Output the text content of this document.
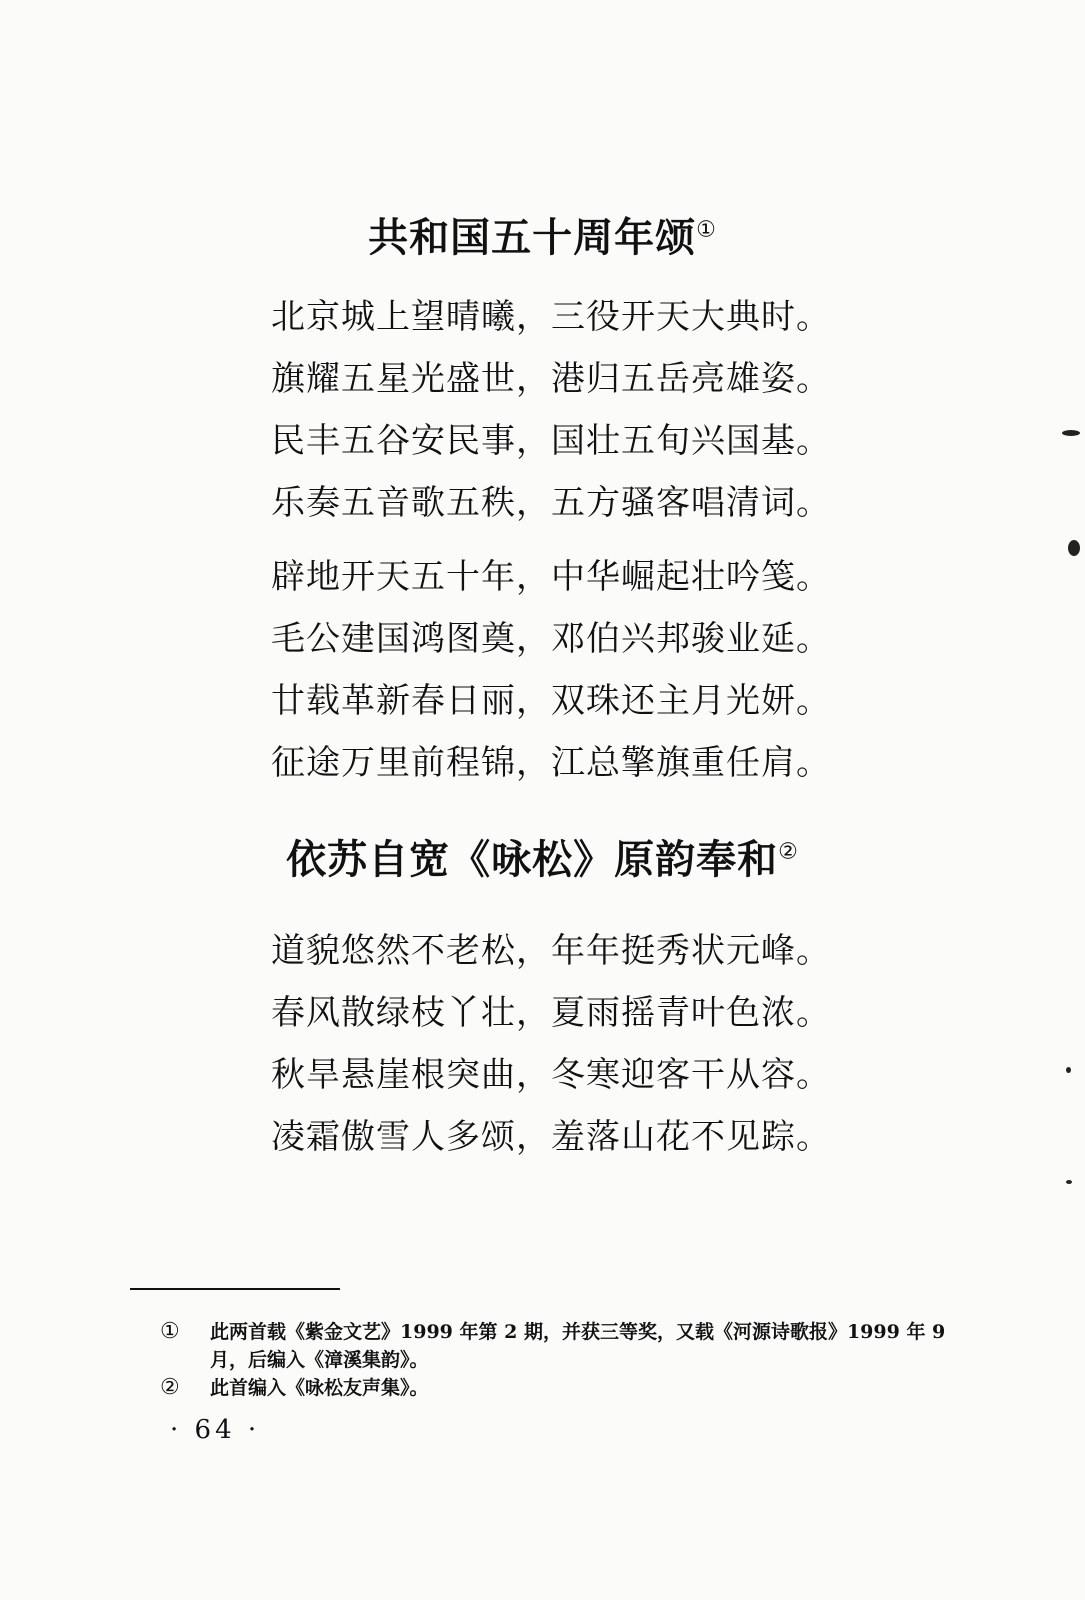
共和国五十周年颂①
北京城上望晴曦，三役开天大典时。
旗耀五星光盛世，港归五岳亮雄姿。
民丰五谷安民事，国壮五旬兴国基。
乐奏五音歌五秩，五方骚客唱清词。
辟地开天五十年，中华崛起壮吟笺。
毛公建国鸿图奠，邓伯兴邦骏业延。
廿载革新春日丽，双珠还主月光妍。
征途万里前程锦，江总擎旗重任肩。
依苏自宽《咏松》原韵奉和②
道貌悠然不老松，年年挺秀状元峰。
春风散绿枝丫壮，夏雨摇青叶色浓。
秋旱悬崖根突曲，冬寒迎客干从容。
凌霜傲雪人多颂，羞落山花不见踪。
①	此两首载《紫金文艺》1999 年第 2 期，并获三等奖，又载《河源诗歌报》1999 年 9 月，后编入《漳溪集韵》。
②	此首编入《咏松友声集》。
· 64 ·
